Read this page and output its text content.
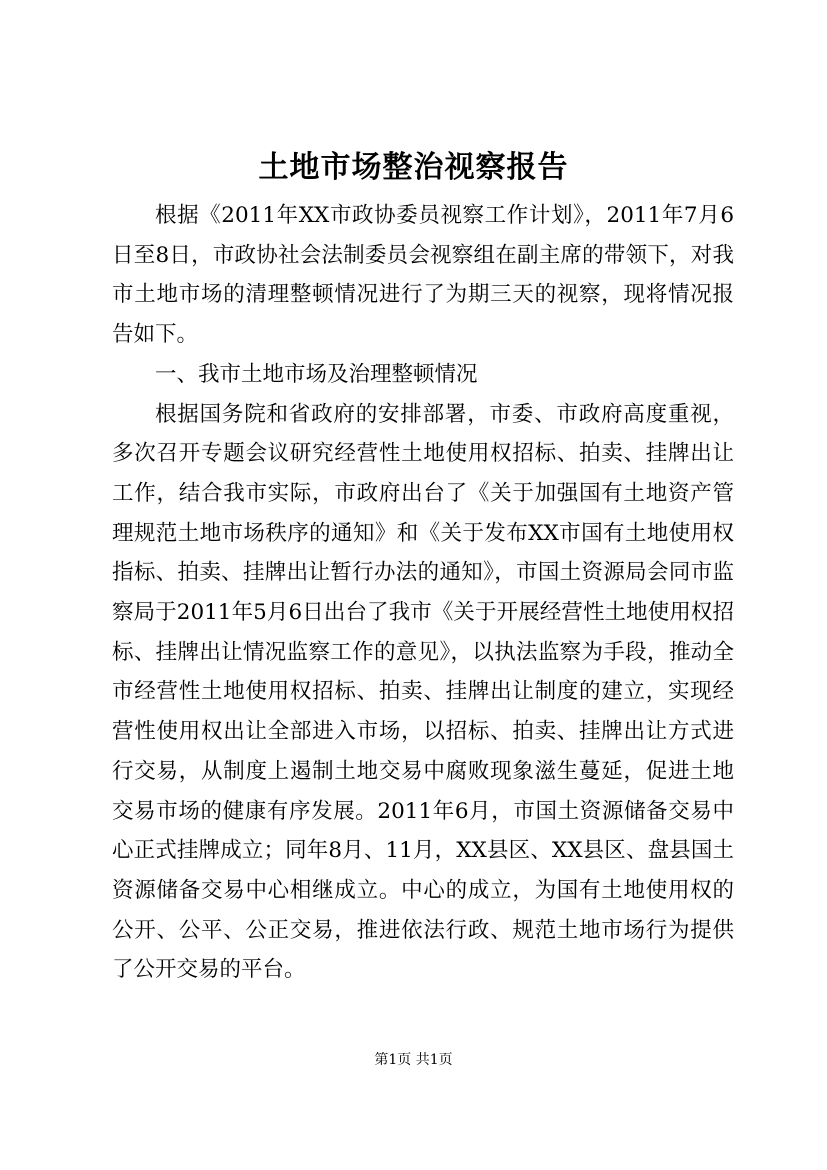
土地市场整治视察报告

根据《2011年XX市政协委员视察工作计划》，2011年7月6日至8日，市政协社会法制委员会视察组在副主席的带领下，对我市土地市场的清理整顿情况进行了为期三天的视察，现将情况报告如下。

一、我市土地市场及治理整顿情况

根据国务院和省政府的安排部署，市委、市政府高度重视，多次召开专题会议研究经营性土地使用权招标、拍卖、挂牌出让工作，结合我市实际，市政府出台了《关于加强国有土地资产管理规范土地市场秩序的通知》和《关于发布XX市国有土地使用权指标、拍卖、挂牌出让暂行办法的通知》，市国土资源局会同市监察局于2011年5月6日出台了我市《关于开展经营性土地使用权招标、挂牌出让情况监察工作的意见》，以执法监察为手段，推动全市经营性土地使用权招标、拍卖、挂牌出让制度的建立，实现经营性使用权出让全部进入市场，以招标、拍卖、挂牌出让方式进行交易，从制度上遏制土地交易中腐败现象滋生蔓延，促进土地交易市场的健康有序发展。2011年6月，市国土资源储备交易中心正式挂牌成立；同年8月、11月，XX县区、XX县区、盘县国土资源储备交易中心相继成立。中心的成立，为国有土地使用权的公开、公平、公正交易，推进依法行政、规范土地市场行为提供了公开交易的平台。

第1页 共1页
